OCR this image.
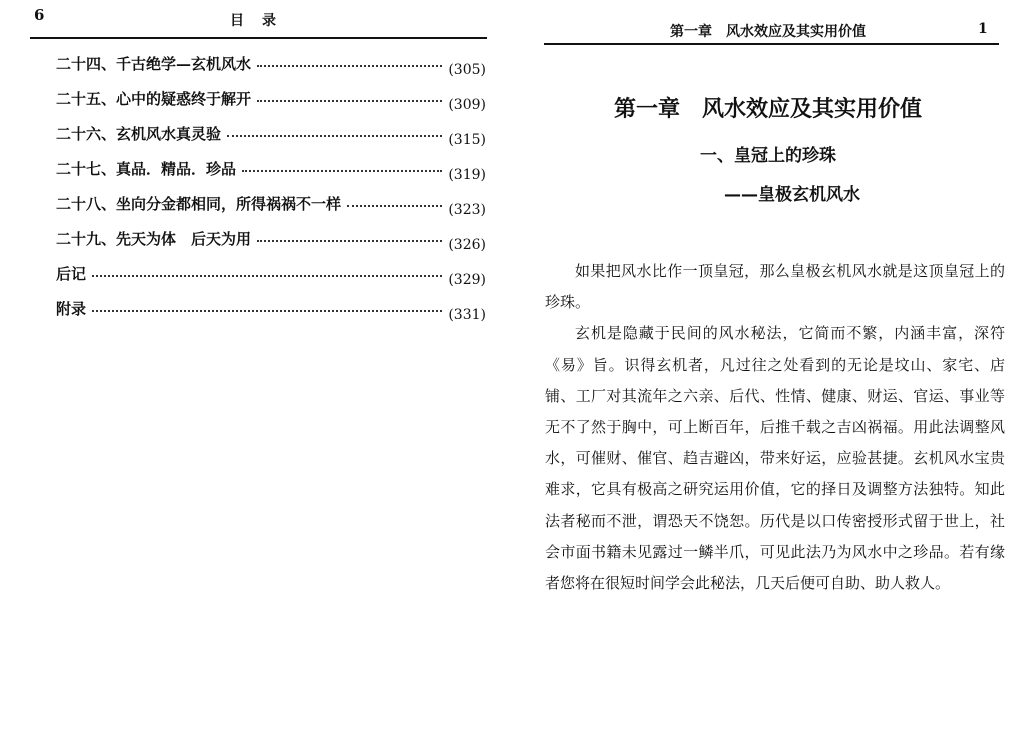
6	目　录
二十四、千古绝学—玄机风水	(305)
二十五、心中的疑惑终于解开	(309)
二十六、玄机风水真灵验	(315)
二十七、真品．精品．珍品	(319)
二十八、坐向分金都相同，所得祸祸不一样	(323)
二十九、先天为体　后天为用	(326)
后记	(329)
附录	(331)
第一章　风水效应及其实用价值	1
第一章　风水效应及其实用价值
一、皇冠上的珍珠
——皇极玄机风水

如果把风水比作一顶皇冠，那么皇极玄机风水就是这顶皇冠上的珍珠。

玄机是隐藏于民间的风水秘法，它简而不繁，内涵丰富，深符《易》旨。识得玄机者，凡过往之处看到的无论是坟山、家宅、店铺、工厂对其流年之六亲、后代、性情、健康、财运、官运、事业等无不了然于胸中，可上断百年，后推千载之吉凶祸福。用此法调整风水，可催财、催官、趋吉避凶，带来好运，应验甚捷。玄机风水宝贵难求，它具有极高之研究运用价值，它的择日及调整方法独特。知此法者秘而不泄，谓恐天不饶恕。历代是以口传密授形式留于世上，社会市面书籍未见露过一鳞半爪，可见此法乃为风水中之珍品。若有缘者您将在很短时间学会此秘法，几天后便可自助、助人救人。
